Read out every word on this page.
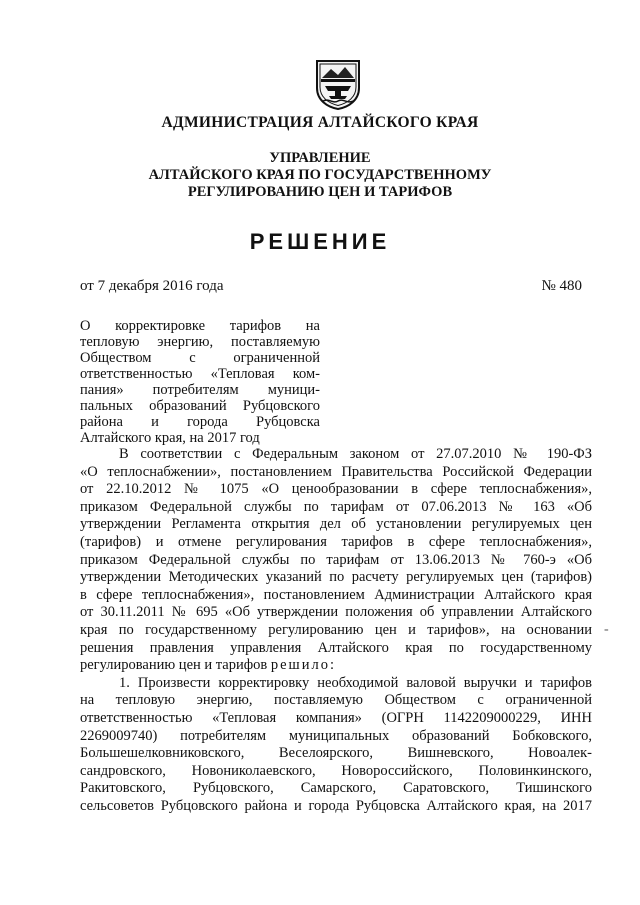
АДМИНИСТРАЦИЯ АЛТАЙСКОГО КРАЯ
УПРАВЛЕНИЕ
АЛТАЙСКОГО КРАЯ ПО ГОСУДАРСТВЕННОМУ
РЕГУЛИРОВАНИЮ ЦЕН И ТАРИФОВ
РЕШЕНИЕ
от 7 декабря 2016 года	№ 480
О корректировке тарифов на
тепловую энергию, поставляемую
Обществом с ограниченной
ответственностью «Тепловая ком-
пания» потребителям муници-
пальных образований Рубцовского
района и города Рубцовска
Алтайского края, на 2017 год
В соответствии с Федеральным законом от 27.07.2010 № 190-ФЗ
«О теплоснабжении», постановлением Правительства Российской Федерации
от 22.10.2012 № 1075 «О ценообразовании в сфере теплоснабжения»,
приказом Федеральной службы по тарифам от 07.06.2013 № 163 «Об
утверждении Регламента открытия дел об установлении регулируемых цен
(тарифов) и отмене регулирования тарифов в сфере теплоснабжения»,
приказом Федеральной службы по тарифам от 13.06.2013 № 760-э «Об
утверждении Методических указаний по расчету регулируемых цен (тарифов)
в сфере теплоснабжения», постановлением Администрации Алтайского края
от 30.11.2011 № 695 «Об утверждении положения об управлении Алтайского
края по государственному регулированию цен и тарифов», на основании
решения правления управления Алтайского края по государственному
регулированию цен и тарифов решило:
1. Произвести корректировку необходимой валовой выручки и тарифов
на тепловую энергию, поставляемую Обществом с ограниченной
ответственностью «Тепловая компания» (ОГРН 1142209000229, ИНН
2269009740) потребителям муниципальных образований Бобковского,
Большешелковниковского, Веселоярского, Вишневского, Новоалек-
сандровского, Новониколаевского, Новороссийского, Половинкинского,
Ракитовского, Рубцовского, Самарского, Саратовского, Тишинского
сельсоветов Рубцовского района и города Рубцовска Алтайского края, на 2017
-
